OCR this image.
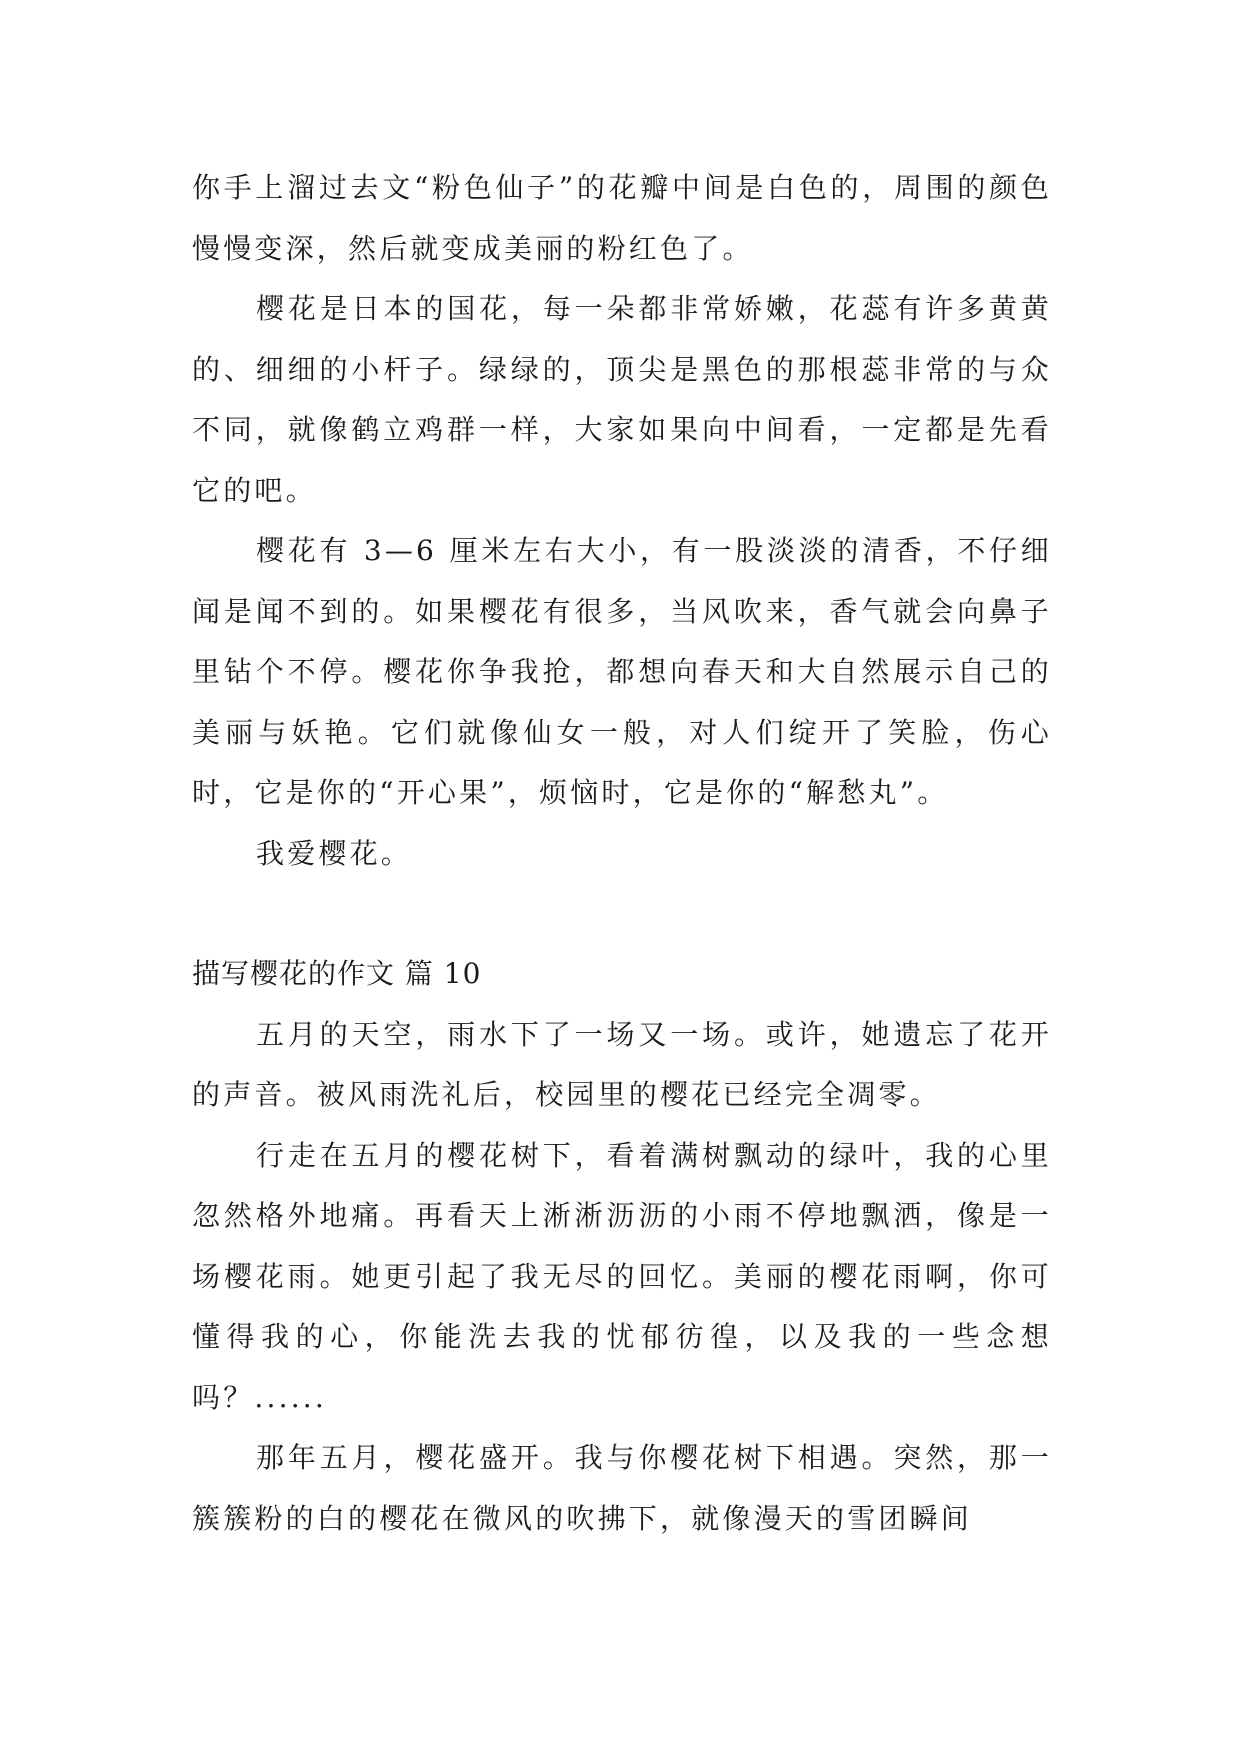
你手上溜过去文“粉色仙子”的花瓣中间是白色的，周围的颜色慢慢变深，然后就变成美丽的粉红色了。

樱花是日本的国花，每一朵都非常娇嫩，花蕊有许多黄黄的、细细的小杆子。绿绿的，顶尖是黑色的那根蕊非常的与众不同，就像鹤立鸡群一样，大家如果向中间看，一定都是先看它的吧。

樱花有 3—6 厘米左右大小，有一股淡淡的清香，不仔细闻是闻不到的。如果樱花有很多，当风吹来，香气就会向鼻子里钻个不停。樱花你争我抢，都想向春天和大自然展示自己的美丽与妖艳。它们就像仙女一般，对人们绽开了笑脸，伤心时，它是你的“开心果”，烦恼时，它是你的“解愁丸”。

我爱樱花。

描写樱花的作文 篇 10

五月的天空，雨水下了一场又一场。或许，她遗忘了花开的声音。被风雨洗礼后，校园里的樱花已经完全凋零。

行走在五月的樱花树下，看着满树飘动的绿叶，我的心里忽然格外地痛。再看天上淅淅沥沥的小雨不停地飘洒，像是一场樱花雨。她更引起了我无尽的回忆。美丽的樱花雨啊，你可懂得我的心，你能洗去我的忧郁彷徨，以及我的一些念想吗？......

那年五月，樱花盛开。我与你樱花树下相遇。突然，那一簇簇粉的白的樱花在微风的吹拂下，就像漫天的雪团瞬间
